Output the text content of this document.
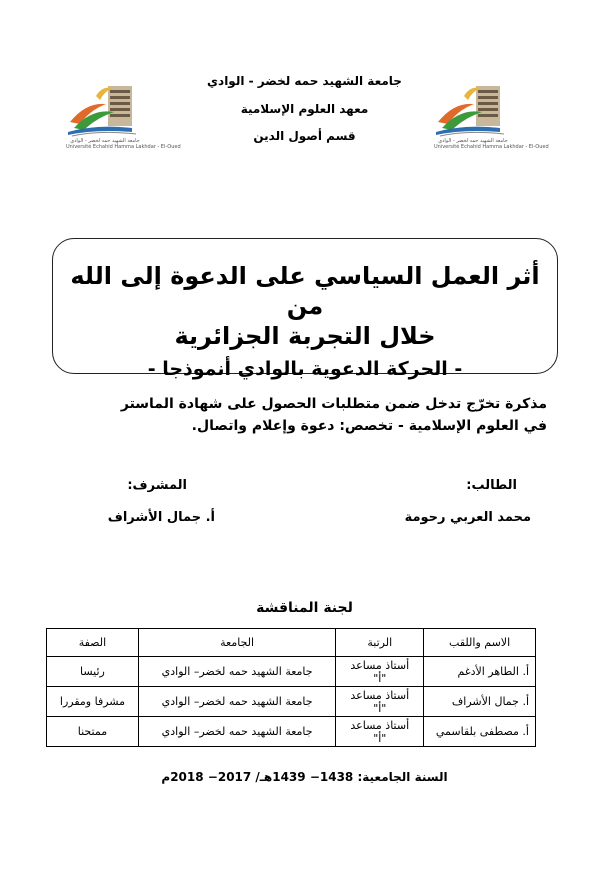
جامعة الشهيد حمه لخضر - الوادي
معهد العلوم الإسلامية
قسم أصول الدين
جامعة الشهيد حمه لخضر - الوادي
Université Echahid Hamma Lakhdar - El-Oued
جامعة الشهيد حمه لخضر - الوادي
Université Echahid Hamma Lakhdar - El-Oued
أثر العمل السياسي على الدعوة إلى الله من
خلال التجربة الجزائرية
- الحركة الدعوية بالوادي أنموذجا -
مذكرة تخرّج تدخل ضمن متطلبات الحصول على شهادة الماستر
في العلوم الإسلامية - تخصص: دعوة وإعلام واتصال.
الطالب:
محمد العربي رحومة
المشرف:
أ. جمال الأشراف
لجنة المناقشة
الاسم واللقب	الرتبة	الجامعة	الصفة
أ. الطاهر الأدغم	أستاذ مساعد "أ"	جامعة الشهيد حمه لخضر– الوادي	رئيسا
أ. جمال الأشراف	أستاذ مساعد "أ"	جامعة الشهيد حمه لخضر– الوادي	مشرفا ومقررا
أ. مصطفى بلقاسمي	أستاذ مساعد "أ"	جامعة الشهيد حمه لخضر– الوادي	ممتحنا
السنة الجامعية: 1438− 1439هـ/ 2017− 2018م
